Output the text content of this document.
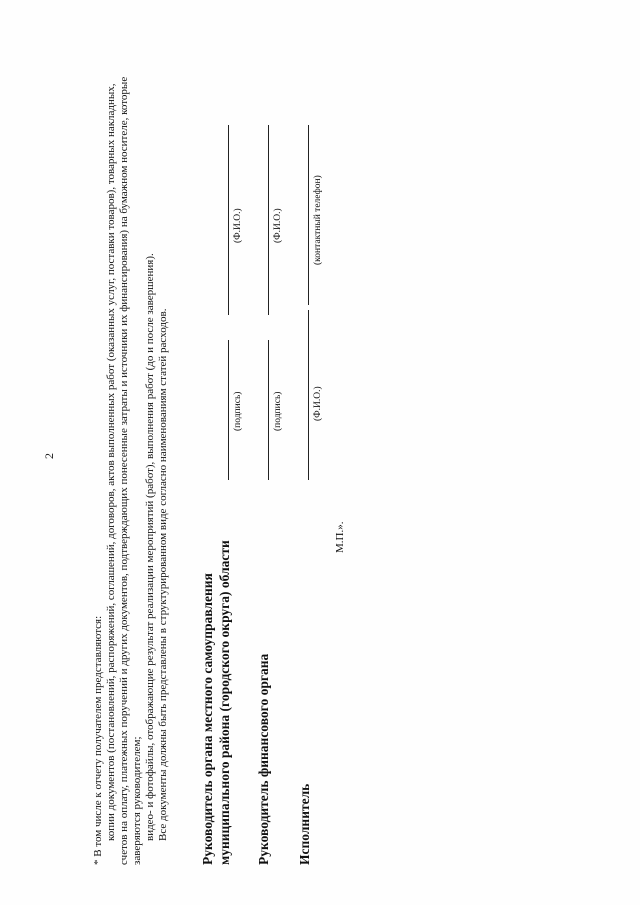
2
* В том числе к отчету получателем представляются: копии документов (постановлений, распоряжений, соглашений, договоров, актов выполненных работ (оказанных услуг, поставки товаров), товарных накладных, счетов на оплату, платежных поручений и других документов, подтверждающих понесенные затраты и источники их финансирования) на бумажном носителе, которые заверяются руководителем; видео- и фотофайлы, отображающие результат реализации мероприятий (работ), выполнения работ (до и после завершения). Все документы должны быть представлены в структурированном виде согласно наименованиям статей расходов. Руководитель органа местного самоуправления муниципального района (городского округа) области
(подпись)
(Ф.И.О.)
Руководитель финансового органа
(подпись)
(Ф.И.О.)
Исполнитель
(Ф.И.О.)
(контактный телефон)
М.П.».
